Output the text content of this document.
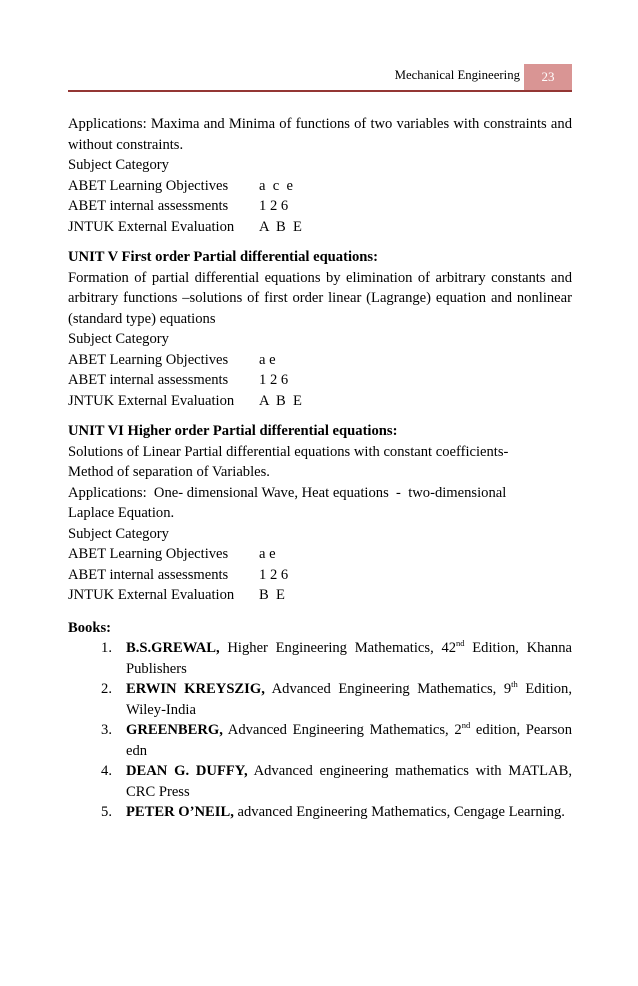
Mechanical Engineering	23
Applications: Maxima and Minima of functions of two variables with constraints and without constraints.
Subject Category
ABET Learning Objectives	a  c  e
ABET internal assessments	1 2 6
JNTUK External Evaluation	A  B  E
UNIT V First order Partial differential equations:
Formation of partial differential equations by elimination of arbitrary constants and arbitrary functions –solutions of first order linear (Lagrange) equation and nonlinear (standard type) equations
Subject Category
ABET Learning Objectives	a e
ABET internal assessments	1 2 6
JNTUK External Evaluation	A  B  E
UNIT VI Higher order Partial differential equations:
Solutions of Linear Partial differential equations with constant coefficients-
Method of separation of Variables.
Applications:  One- dimensional Wave, Heat equations  -  two-dimensional
Laplace Equation.
Subject Category
ABET Learning Objectives	a e
ABET internal assessments	1 2 6
JNTUK External Evaluation	B  E
Books:
1. B.S.GREWAL, Higher Engineering Mathematics, 42nd Edition, Khanna Publishers
2. ERWIN KREYSZIG, Advanced Engineering Mathematics, 9th Edition, Wiley-India
3. GREENBERG, Advanced Engineering Mathematics, 2nd edition, Pearson edn
4. DEAN G. DUFFY, Advanced engineering mathematics with MATLAB, CRC Press
5. PETER O’NEIL, advanced Engineering Mathematics, Cengage Learning.
